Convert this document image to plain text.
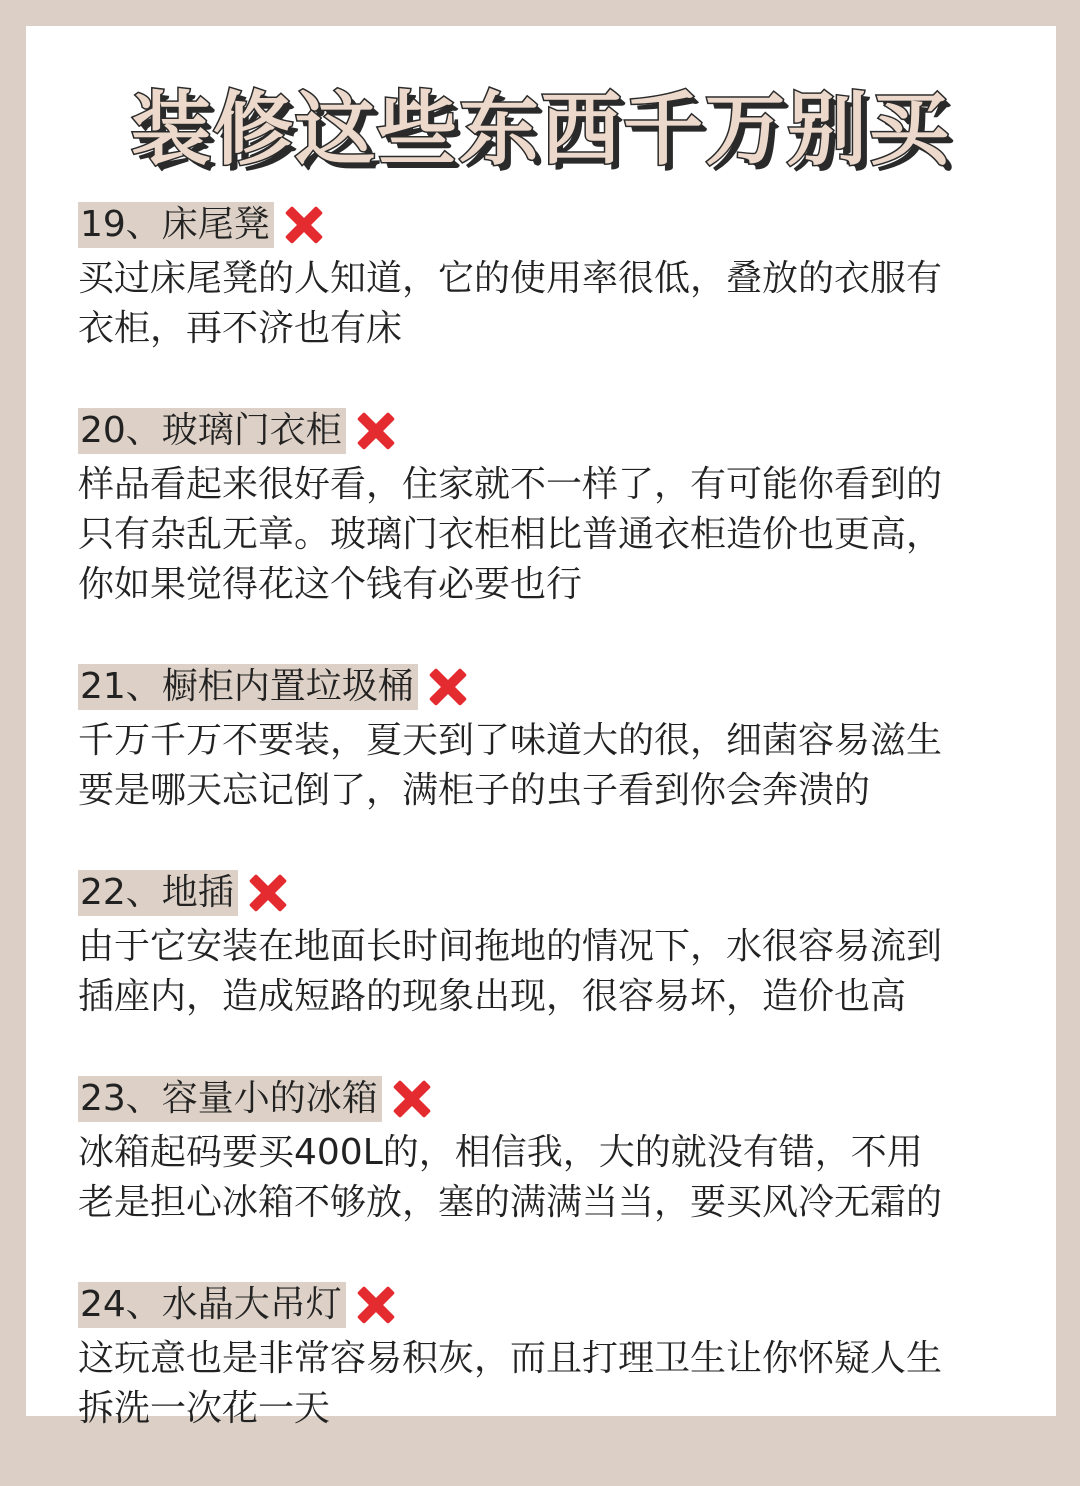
装修这些东西千万别买
19、床尾凳

买过床尾凳的人知道，它的使用率很低，叠放的衣服有
衣柜，再不济也有床

20、玻璃门衣柜

样品看起来很好看，住家就不一样了，有可能你看到的
只有杂乱无章。玻璃门衣柜相比普通衣柜造价也更高，
你如果觉得花这个钱有必要也行

21、橱柜内置垃圾桶

千万千万不要装，夏天到了味道大的很，细菌容易滋生
要是哪天忘记倒了，满柜子的虫子看到你会奔溃的

22、地插

由于它安装在地面长时间拖地的情况下，水很容易流到
插座内，造成短路的现象出现，很容易坏，造价也高

23、容量小的冰箱

冰箱起码要买400L的，相信我，大的就没有错，不用
老是担心冰箱不够放，塞的满满当当，要买风冷无霜的

24、水晶大吊灯

这玩意也是非常容易积灰，而且打理卫生让你怀疑人生
拆洗一次花一天
